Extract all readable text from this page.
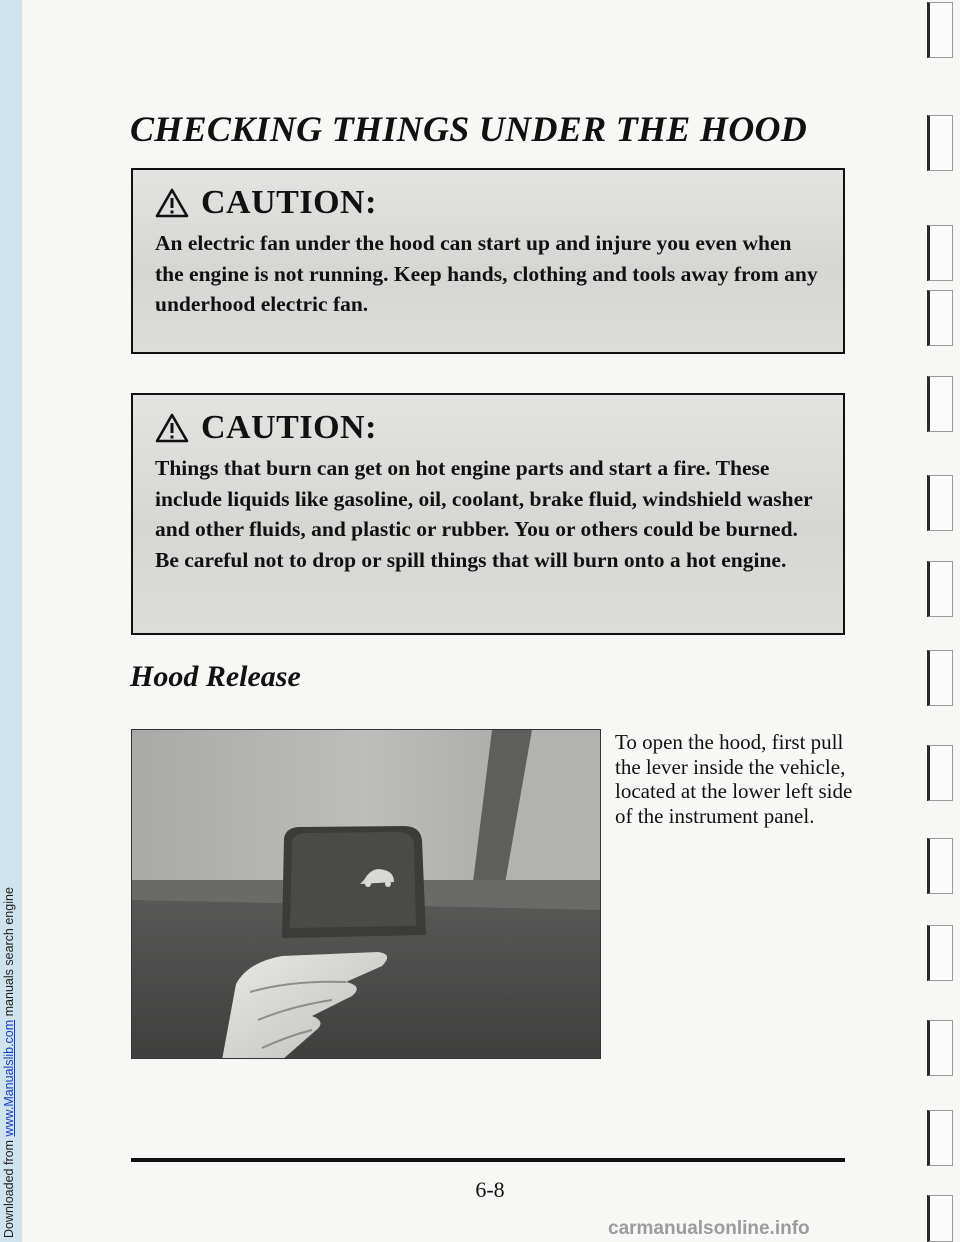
Downloaded from www.Manualslib.com manuals search engine
CHECKING THINGS UNDER THE HOOD
CAUTION:

An electric fan under the hood can start up and injure you even when the engine is not running. Keep hands, clothing and tools away from any underhood electric fan.

CAUTION:

Things that burn can get on hot engine parts and start a fire. These include liquids like gasoline, oil, coolant, brake fluid, windshield washer and other fluids, and plastic or rubber. You or others could be burned. Be careful not to drop or spill things that will burn onto a hot engine.

Hood Release

To open the hood, first pull the lever inside the vehicle, located at the lower left side of the instrument panel.

6-8
carmanualsonline.info
